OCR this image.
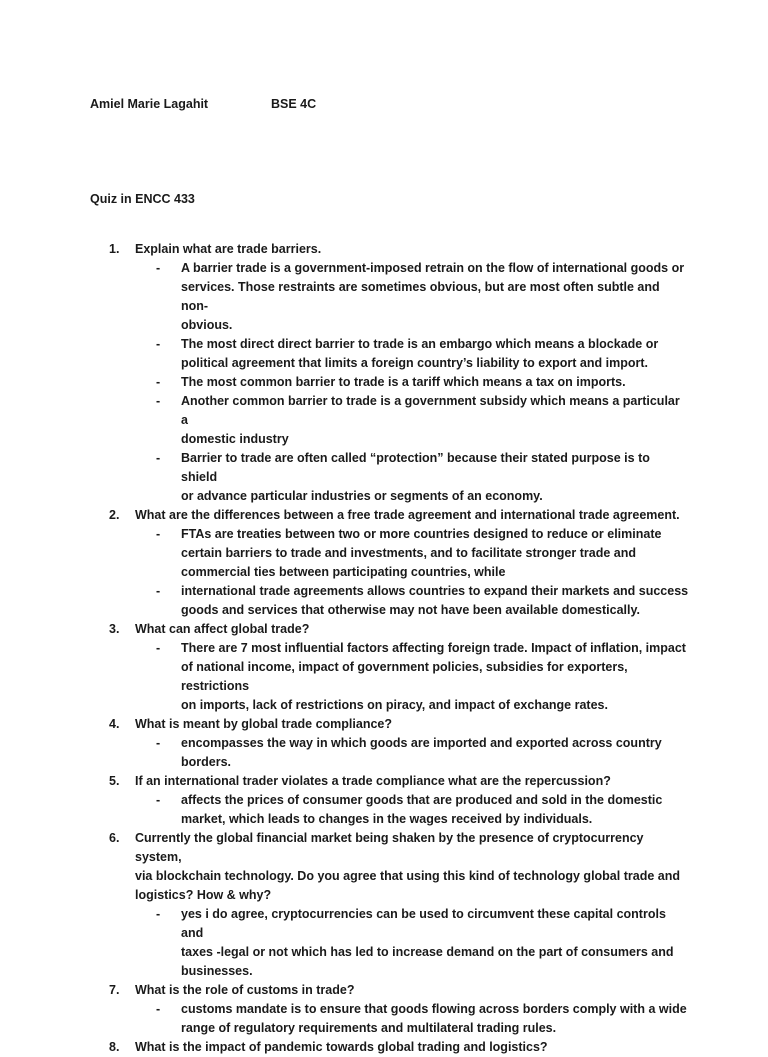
Amiel Marie Lagahit	BSE 4C
Quiz in ENCC 433
1. Explain what are trade barriers.
- A barrier trade is a government-imposed retrain on the flow of international goods or
services. Those restraints are sometimes obvious, but are most often subtle and non-
obvious.
- The most direct direct barrier to trade is an embargo which means a blockade or
political agreement that limits a foreign country’s liability to export and import.
- The most common barrier to trade is a tariff which means a tax on imports.
- Another common barrier to trade is a government subsidy which means a particular a
domestic industry
- Barrier to trade are often called “protection” because their stated purpose is to shield
or advance particular industries or segments of an economy.
2. What are the differences between a free trade agreement and international trade agreement.
- FTAs are treaties between two or more countries designed to reduce or eliminate
certain barriers to trade and investments, and to facilitate stronger trade and
commercial ties between participating countries, while
- international trade agreements allows countries to expand their markets and success
goods and services that otherwise may not have been available domestically.
3. What can affect global trade?
- There are 7 most influential factors affecting foreign trade. Impact of inflation, impact
of national income, impact of government policies, subsidies for exporters, restrictions
on imports, lack of restrictions on piracy, and impact of exchange rates.
4. What is meant by global trade compliance?
- encompasses the way in which goods are imported and exported across country
borders.
5. If an international trader violates a trade compliance what are the repercussion?
- affects the prices of consumer goods that are produced and sold in the domestic
market, which leads to changes in the wages received by individuals.
6. Currently the global financial market being shaken by the presence of cryptocurrency system,
via blockchain technology. Do you agree that using this kind of technology global trade and
logistics? How & why?
- yes i do agree, cryptocurrencies can be used to circumvent these capital controls and
taxes -legal or not which has led to increase demand on the part of consumers and
businesses.
7. What is the role of customs in trade?
- customs mandate is to ensure that goods flowing across borders comply with a wide
range of regulatory requirements and multilateral trading rules.
8. What is the impact of pandemic towards global trading and logistics?
